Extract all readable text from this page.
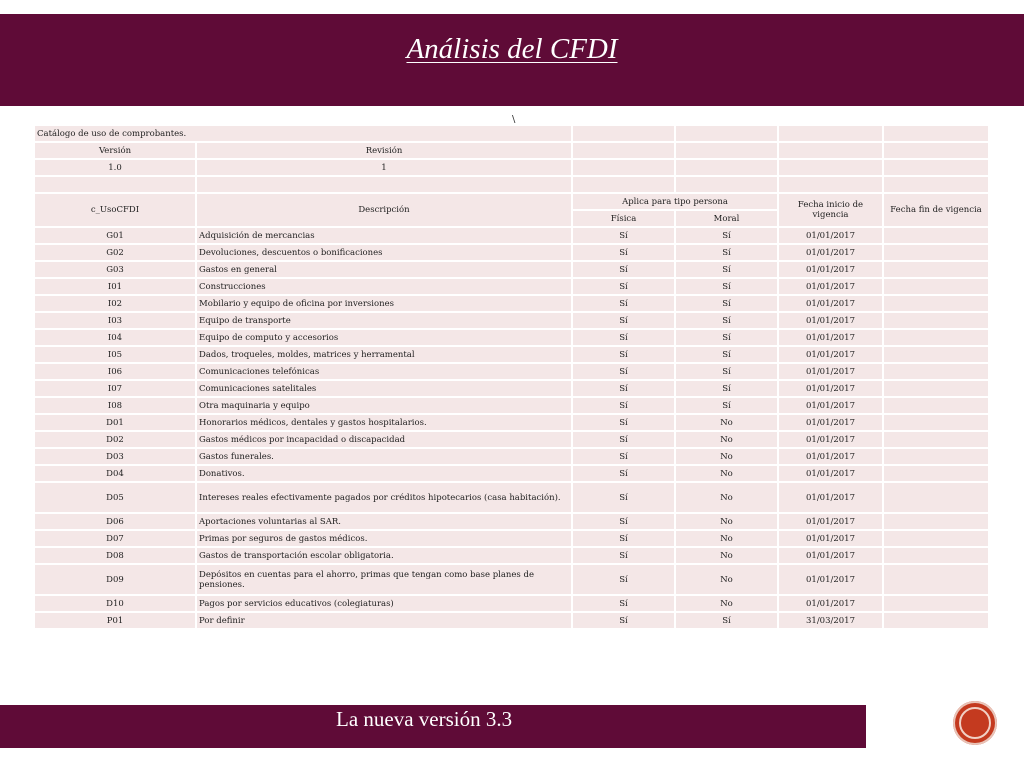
Análisis del CFDI
\
Catálogo de uso de comprobantes.					
Versión	Revisión				
1.0	1				

c_UsoCFDI	Descripción	Aplica para tipo persona		Fecha inicio de vigencia	Fecha fin de vigencia
		Física	Moral		
G01	Adquisición de mercancias	Sí	Sí	01/01/2017	
G02	Devoluciones, descuentos o bonificaciones	Sí	Sí	01/01/2017	
G03	Gastos en general	Sí	Sí	01/01/2017	
I01	Construcciones	Sí	Sí	01/01/2017	
I02	Mobilario y equipo de oficina por inversiones	Sí	Sí	01/01/2017	
I03	Equipo de transporte	Sí	Sí	01/01/2017	
I04	Equipo de computo y accesorios	Sí	Sí	01/01/2017	
I05	Dados, troqueles, moldes, matrices y herramental	Sí	Sí	01/01/2017	
I06	Comunicaciones telefónicas	Sí	Sí	01/01/2017	
I07	Comunicaciones satelitales	Sí	Sí	01/01/2017	
I08	Otra maquinaria y equipo	Sí	Sí	01/01/2017	
D01	Honorarios médicos, dentales y gastos hospitalarios.	Sí	No	01/01/2017	
D02	Gastos médicos por incapacidad o discapacidad	Sí	No	01/01/2017	
D03	Gastos funerales.	Sí	No	01/01/2017	
D04	Donativos.	Sí	No	01/01/2017	
D05	Intereses reales efectivamente pagados por créditos hipotecarios (casa habitación).	Sí	No	01/01/2017	
D06	Aportaciones voluntarias al SAR.	Sí	No	01/01/2017	
D07	Primas por seguros de gastos médicos.	Sí	No	01/01/2017	
D08	Gastos de transportación escolar obligatoria.	Sí	No	01/01/2017	
D09	Depósitos en cuentas para el ahorro, primas que tengan como base planes de pensiones.	Sí	No	01/01/2017	
D10	Pagos por servicios educativos (colegiaturas)	Sí	No	01/01/2017	
P01	Por definir	Sí	Sí	31/03/2017	
La nueva versión 3.3
